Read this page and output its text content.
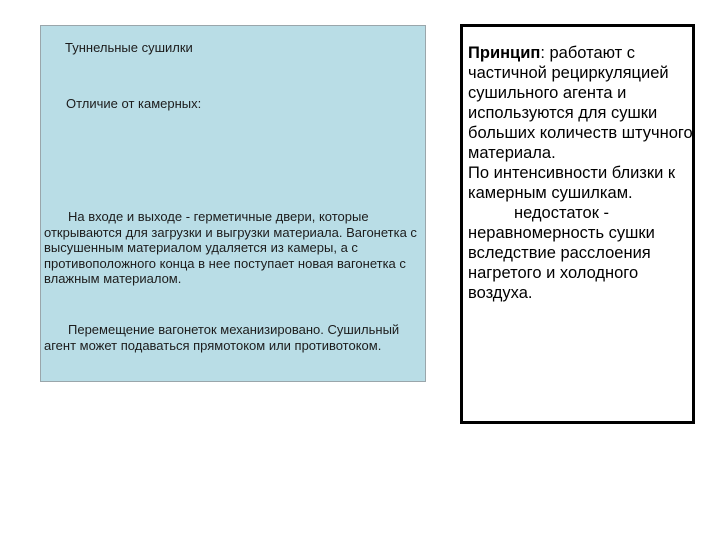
Туннельные сушилки
Отличие от камерных:
На входе и выходе - герметичные двери, которые открываются для загрузки и выгрузки материала. Вагонетка с высушенным материалом удаляется из камеры, а с противоположного конца в нее поступает новая вагонетка с влажным материалом.
Перемещение вагонеток механизировано. Сушильный агент может подаваться прямотоком или противотоком.
Принцип: работают с частичной рециркуляцией сушильного агента и используются для сушки больших количеств штучного материала.
По интенсивности близки к камерным сушилкам.
недостаток -
неравномерность сушки вследствие расслоения нагретого и холодного воздуха.
